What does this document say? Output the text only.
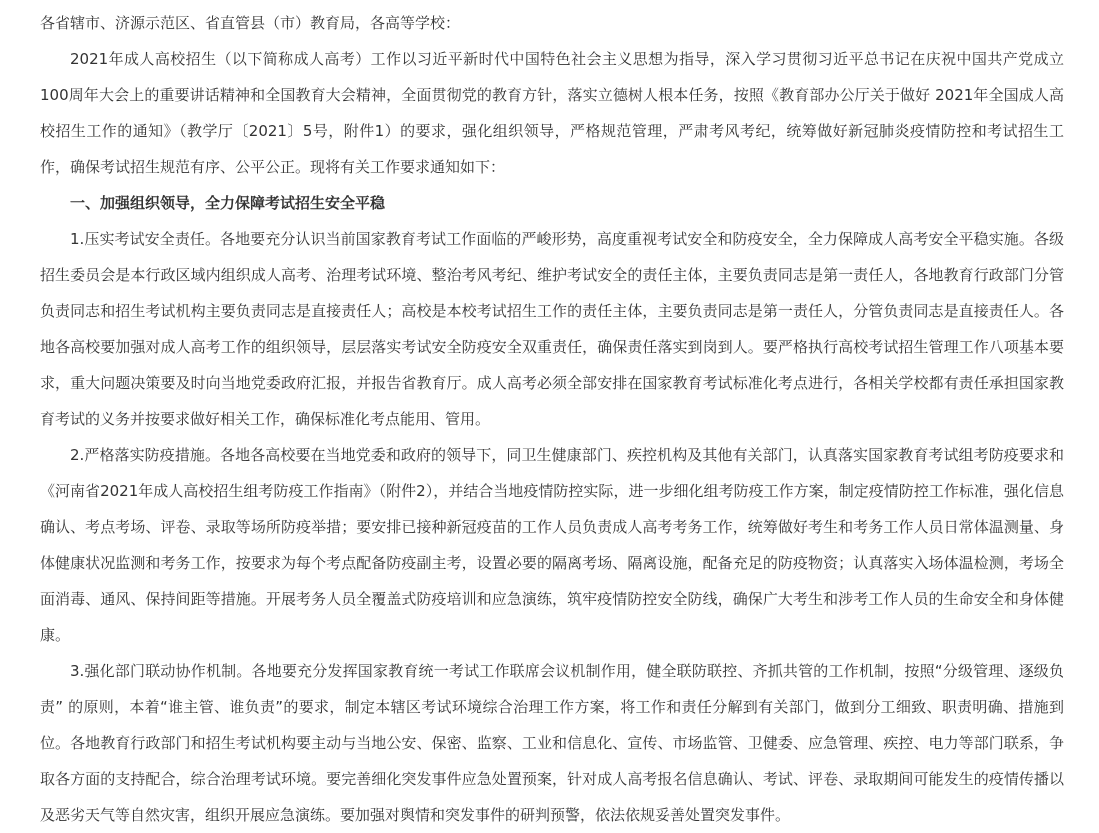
各省辖市、济源示范区、省直管县（市）教育局，各高等学校：

2021年成人高校招生（以下简称成人高考）工作以习近平新时代中国特色社会主义思想为指导，深入学习贯彻习近平总书记在庆祝中国共产党成立100周年大会上的重要讲话精神和全国教育大会精神，全面贯彻党的教育方针，落实立德树人根本任务，按照《教育部办公厅关于做好 2021年全国成人高校招生工作的通知》（教学厅〔2021〕5号，附件1）的要求，强化组织领导，严格规范管理，严肃考风考纪，统筹做好新冠肺炎疫情防控和考试招生工作，确保考试招生规范有序、公平公正。现将有关工作要求通知如下：

一、加强组织领导，全力保障考试招生安全平稳

1.压实考试安全责任。各地要充分认识当前国家教育考试工作面临的严峻形势，高度重视考试安全和防疫安全，全力保障成人高考安全平稳实施。各级招生委员会是本行政区域内组织成人高考、治理考试环境、整治考风考纪、维护考试安全的责任主体，主要负责同志是第一责任人，各地教育行政部门分管负责同志和招生考试机构主要负责同志是直接责任人；高校是本校考试招生工作的责任主体，主要负责同志是第一责任人，分管负责同志是直接责任人。各地各高校要加强对成人高考工作的组织领导，层层落实考试安全防疫安全双重责任，确保责任落实到岗到人。要严格执行高校考试招生管理工作八项基本要求，重大问题决策要及时向当地党委政府汇报，并报告省教育厅。成人高考必须全部安排在国家教育考试标准化考点进行，各相关学校都有责任承担国家教育考试的义务并按要求做好相关工作，确保标准化考点能用、管用。

2.严格落实防疫措施。各地各高校要在当地党委和政府的领导下，同卫生健康部门、疾控机构及其他有关部门，认真落实国家教育考试组考防疫要求和《河南省2021年成人高校招生组考防疫工作指南》（附件2），并结合当地疫情防控实际，进一步细化组考防疫工作方案，制定疫情防控工作标准，强化信息确认、考点考场、评卷、录取等场所防疫举措；要安排已接种新冠疫苗的工作人员负责成人高考考务工作，统筹做好考生和考务工作人员日常体温测量、身体健康状况监测和考务工作，按要求为每个考点配备防疫副主考，设置必要的隔离考场、隔离设施，配备充足的防疫物资；认真落实入场体温检测，考场全面消毒、通风、保持间距等措施。开展考务人员全覆盖式防疫培训和应急演练，筑牢疫情防控安全防线，确保广大考生和涉考工作人员的生命安全和身体健康。

3.强化部门联动协作机制。各地要充分发挥国家教育统一考试工作联席会议机制作用，健全联防联控、齐抓共管的工作机制，按照“分级管理、逐级负责” 的原则，本着“谁主管、谁负责”的要求，制定本辖区考试环境综合治理工作方案，将工作和责任分解到有关部门，做到分工细致、职责明确、措施到位。各地教育行政部门和招生考试机构要主动与当地公安、保密、监察、工业和信息化、宣传、市场监管、卫健委、应急管理、疾控、电力等部门联系，争取各方面的支持配合，综合治理考试环境。要完善细化突发事件应急处置预案，针对成人高考报名信息确认、考试、评卷、录取期间可能发生的疫情传播以及恶劣天气等自然灾害，组织开展应急演练。要加强对舆情和突发事件的研判预警，依法依规妥善处置突发事件。
